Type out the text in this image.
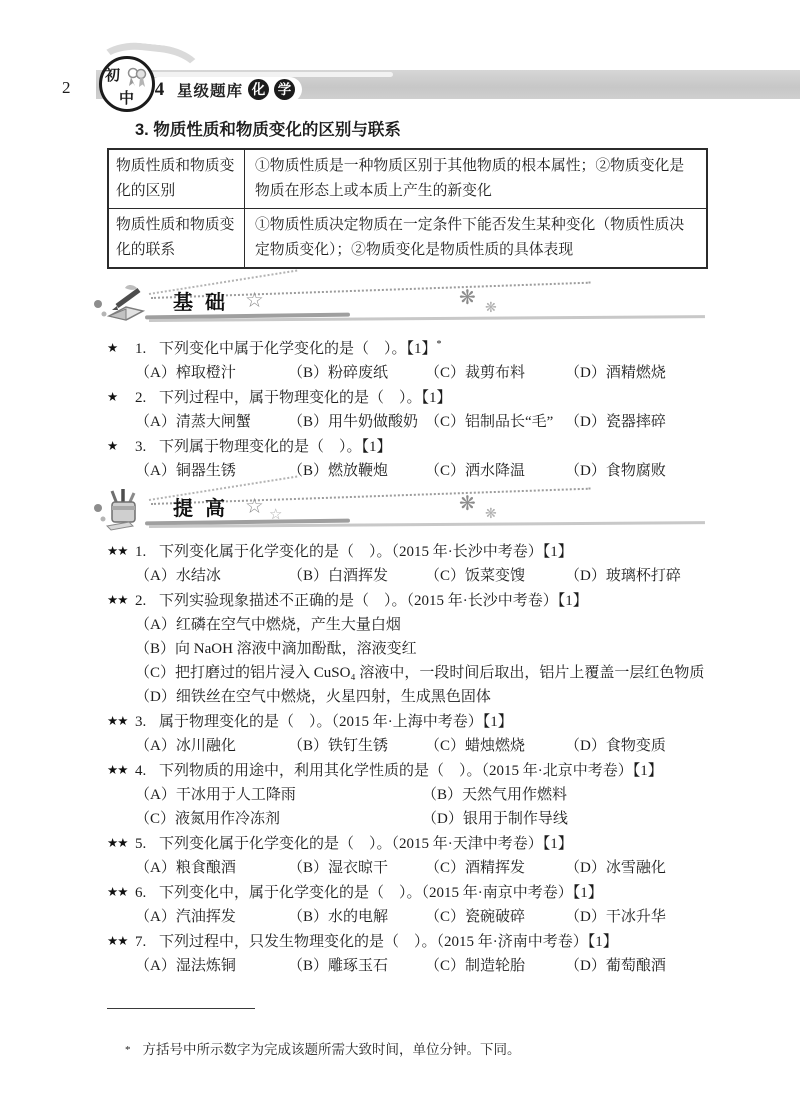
2
初
中	4 星级题库 化 学
3. 物质性质和物质变化的区别与联系
物质性质和物质变化的区别	①物质性质是一种物质区别于其他物质的根本属性；②物质变化是物质在形态上或本质上产生的新变化
物质性质和物质变化的联系	①物质性质决定物质在一定条件下能否发生某种变化（物质性质决定物质变化）；②物质变化是物质性质的具体表现
基础 ☆	❋ ❋
★ 1. 下列变化中属于化学变化的是（    ）。【1】*
（A）榨取橙汁	（B）粉碎废纸	（C）裁剪布料	（D）酒精燃烧
★ 2. 下列过程中，属于物理变化的是（    ）。【1】
（A）清蒸大闸蟹	（B）用牛奶做酸奶 （C）铝制品长“毛” （D）瓷器摔碎
★ 3. 下列属于物理变化的是（    ）。【1】
（A）铜器生锈	（B）燃放鞭炮	（C）洒水降温	（D）食物腐败
提高 ☆ ☆	❋ ❋
★★ 1. 下列变化属于化学变化的是（    ）。（2015 年·长沙中考卷）【1】
（A）水结冰	（B）白酒挥发	（C）饭菜变馊	（D）玻璃杯打碎
★★ 2. 下列实验现象描述不正确的是（    ）。（2015 年·长沙中考卷）【1】
（A）红磷在空气中燃烧，产生大量白烟
（B）向 NaOH 溶液中滴加酚酞，溶液变红
（C）把打磨过的铝片浸入 CuSO₄ 溶液中，一段时间后取出，铝片上覆盖一层红色物质
（D）细铁丝在空气中燃烧，火星四射，生成黑色固体
★★ 3. 属于物理变化的是（    ）。（2015 年·上海中考卷）【1】
（A）冰川融化	（B）铁钉生锈	（C）蜡烛燃烧	（D）食物变质
★★ 4. 下列物质的用途中，利用其化学性质的是（    ）。（2015 年·北京中考卷）【1】
（A）干冰用于人工降雨	（B）天然气用作燃料
（C）液氮用作冷冻剂	（D）银用于制作导线
★★ 5. 下列变化属于化学变化的是（    ）。（2015 年·天津中考卷）【1】
（A）粮食酿酒	（B）湿衣晾干	（C）酒精挥发	（D）冰雪融化
★★ 6. 下列变化中，属于化学变化的是（    ）。（2015 年·南京中考卷）【1】
（A）汽油挥发	（B）水的电解	（C）瓷碗破碎	（D）干冰升华
★★ 7. 下列过程中，只发生物理变化的是（    ）。（2015 年·济南中考卷）【1】
（A）湿法炼铜	（B）雕琢玉石	（C）制造轮胎	（D）葡萄酿酒
* 方括号中所示数字为完成该题所需大致时间，单位分钟。下同。
